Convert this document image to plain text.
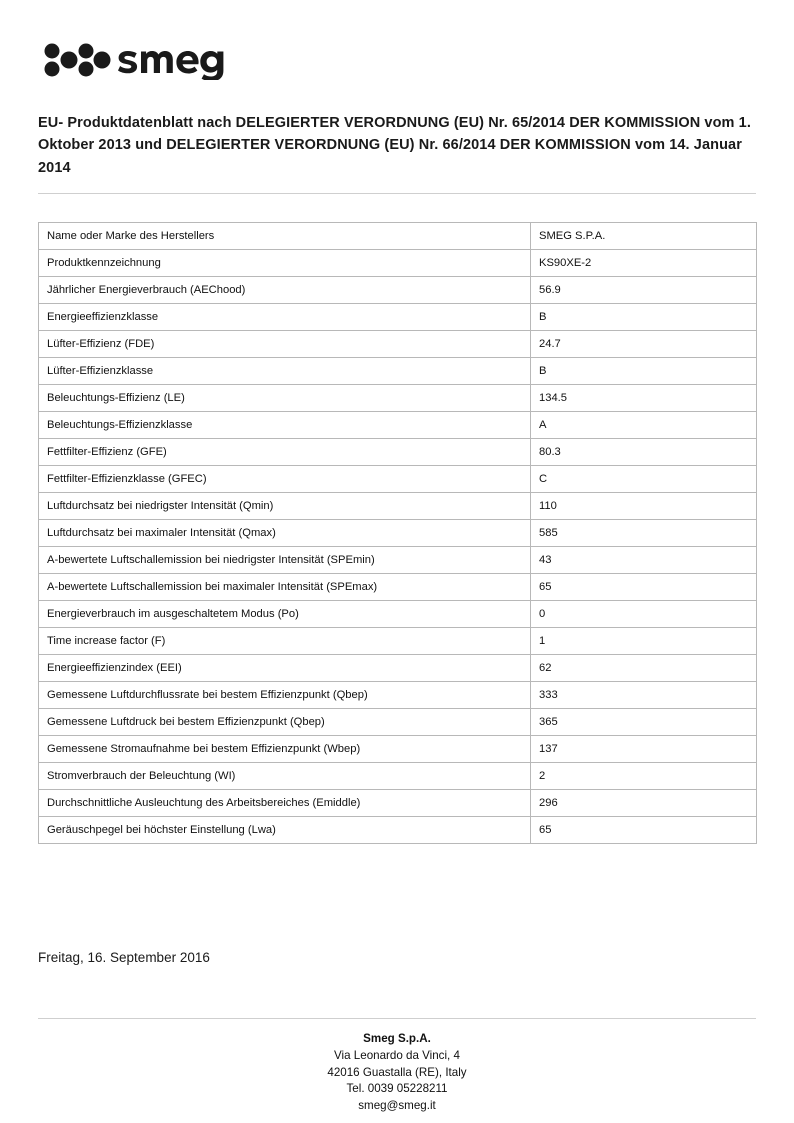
EU- Produktdatenblatt nach DELEGIERTER VERORDNUNG (EU) Nr. 65/2014 DER KOMMISSION vom 1. Oktober 2013 und DELEGIERTER VERORDNUNG (EU) Nr. 66/2014 DER KOMMISSION vom 14. Januar 2014
Name oder Marke des Herstellers	SMEG S.P.A.
Produktkennzeichnung	KS90XE-2
Jährlicher Energieverbrauch (AEChood)	56.9
Energieeffizienzklasse	B
Lüfter-Effizienz (FDE)	24.7
Lüfter-Effizienzklasse	B
Beleuchtungs-Effizienz (LE)	134.5
Beleuchtungs-Effizienzklasse	A
Fettfilter-Effizienz (GFE)	80.3
Fettfilter-Effizienzklasse (GFEC)	C
Luftdurchsatz bei niedrigster Intensität (Qmin)	110
Luftdurchsatz bei maximaler Intensität (Qmax)	585
A-bewertete Luftschallemission bei niedrigster Intensität (SPEmin)	43
A-bewertete Luftschallemission bei maximaler Intensität (SPEmax)	65
Energieverbrauch im ausgeschaltetem Modus (Po)	0
Time increase factor (F)	1
Energieeffizienzindex (EEI)	62
Gemessene Luftdurchflussrate bei bestem Effizienzpunkt (Qbep)	333
Gemessene Luftdruck bei bestem Effizienzpunkt (Qbep)	365
Gemessene Stromaufnahme bei bestem Effizienzpunkt (Wbep)	137
Stromverbrauch der Beleuchtung (WI)	2
Durchschnittliche Ausleuchtung des Arbeitsbereiches (Emiddle)	296
Geräuschpegel bei höchster Einstellung (Lwa)	65
Freitag, 16. September 2016
Smeg S.p.A.
Via Leonardo da Vinci, 4
42016 Guastalla (RE), Italy
Tel. 0039 05228211
smeg@smeg.it
